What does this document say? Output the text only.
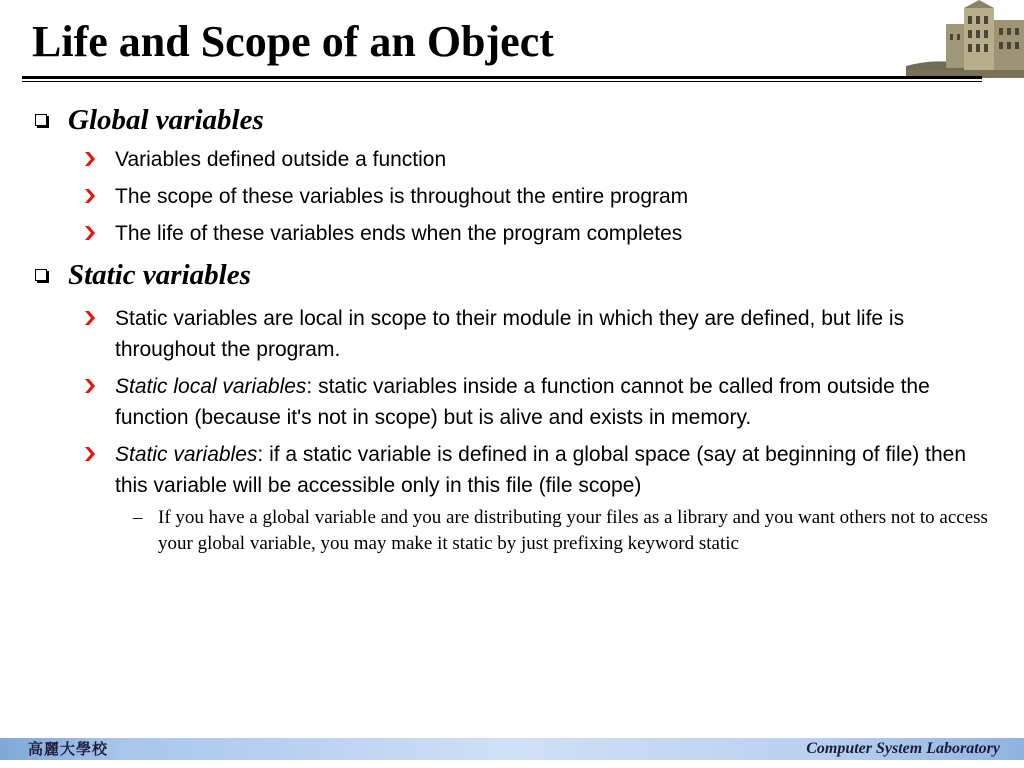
Life and Scope of an Object
Global variables
Variables defined outside a function
The scope of these variables is throughout the entire program
The life of these variables ends when the program completes
Static variables
Static variables are local in scope to their module in which they are defined, but life is throughout the program.
Static local variables: static variables inside a function cannot be called from outside the function (because it's not in scope) but is alive and exists in memory.
Static variables: if a static variable is defined in a global space (say at beginning of file) then this variable will be accessible only in this file (file scope)
– If you have a global variable and you are distributing your files as a library and you want others not to access your global variable, you may make it static by just prefixing keyword static
高麗大學校	Computer System Laboratory
